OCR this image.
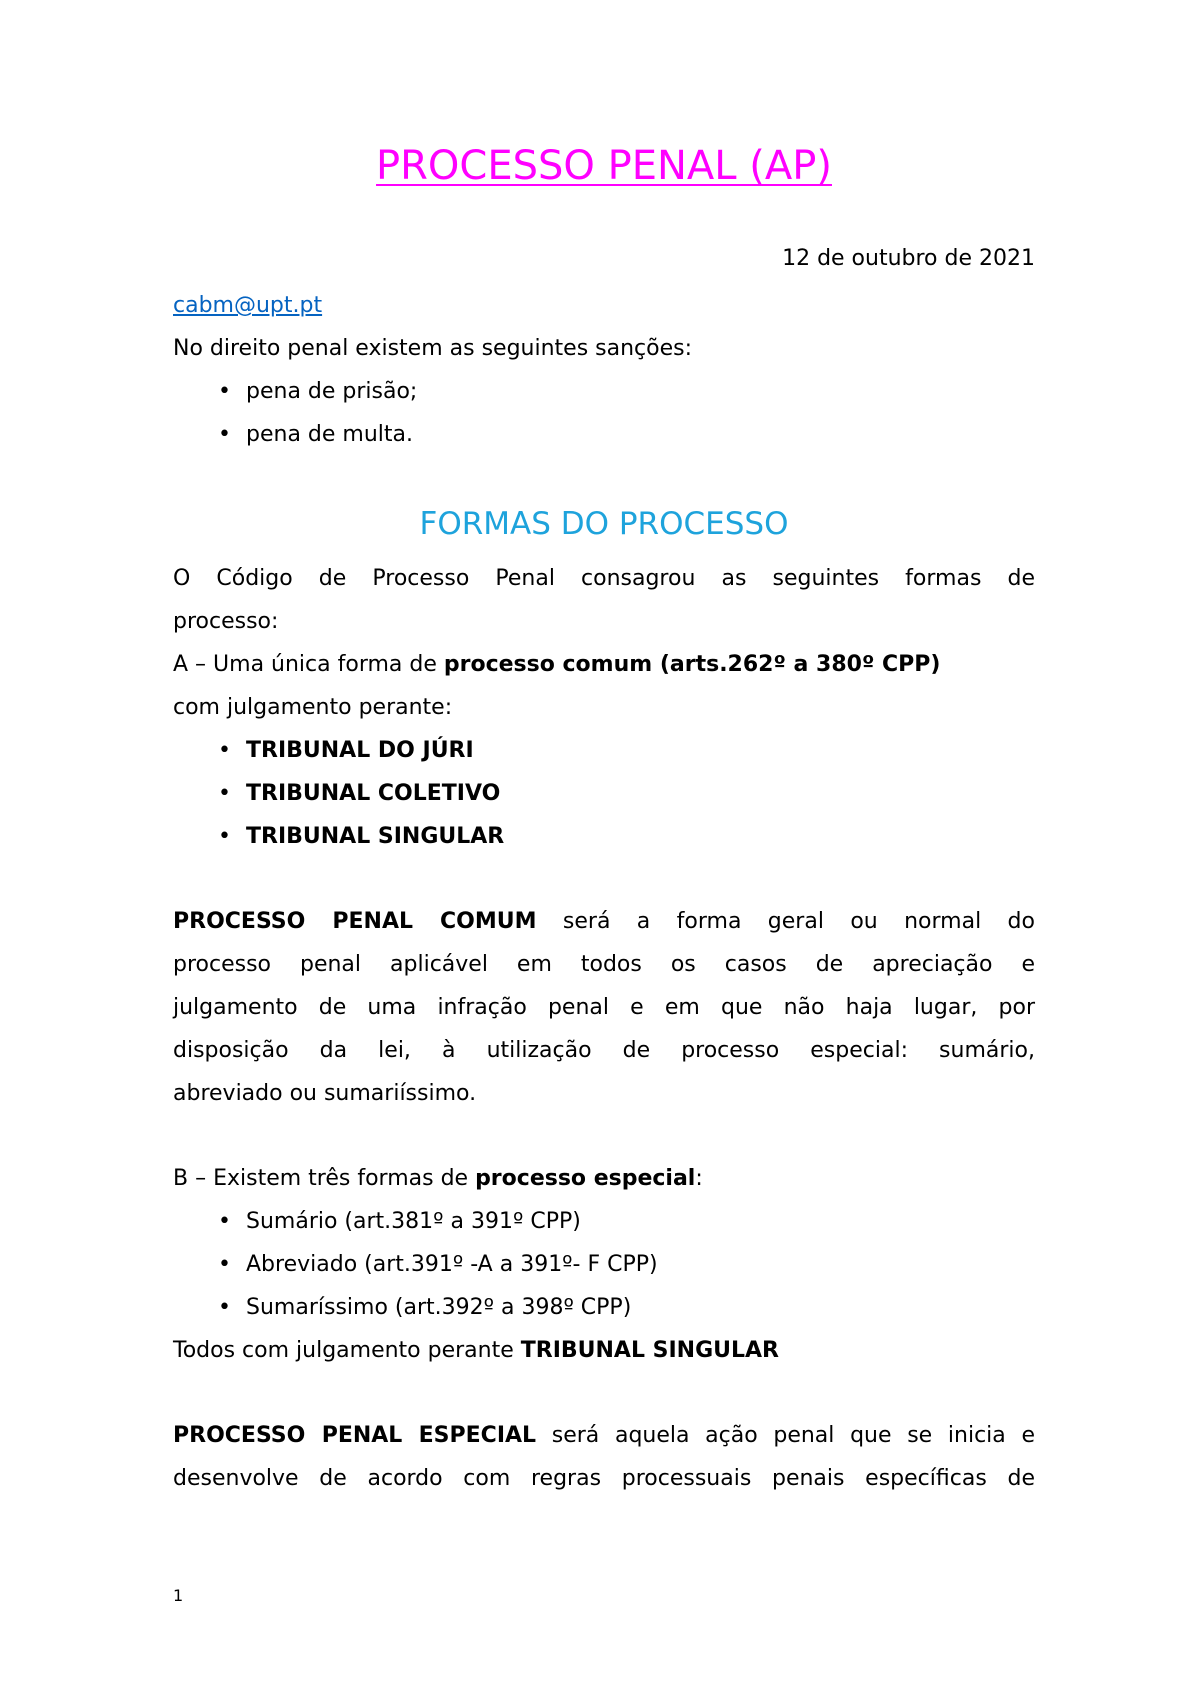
PROCESSO PENAL (AP)
12 de outubro de 2021
cabm@upt.pt
No direito penal existem as seguintes sanções:
• pena de prisão;
• pena de multa.
FORMAS DO PROCESSO
O Código de Processo Penal consagrou as seguintes formas de
processo:
A – Uma única forma de processo comum (arts.262º a 380º CPP)
com julgamento perante:
• TRIBUNAL DO JÚRI
• TRIBUNAL COLETIVO
• TRIBUNAL SINGULAR
PROCESSO PENAL COMUM será a forma geral ou normal do
processo penal aplicável em todos os casos de apreciação e
julgamento de uma infração penal e em que não haja lugar, por
disposição da lei, à utilização de processo especial: sumário,
abreviado ou sumariíssimo.
B – Existem três formas de processo especial:
• Sumário (art.381º a 391º CPP)
• Abreviado (art.391º -A a 391º- F CPP)
• Sumaríssimo (art.392º a 398º CPP)
Todos com julgamento perante TRIBUNAL SINGULAR
PROCESSO PENAL ESPECIAL será aquela ação penal que se inicia e
desenvolve de acordo com regras processuais penais específicas de
1
